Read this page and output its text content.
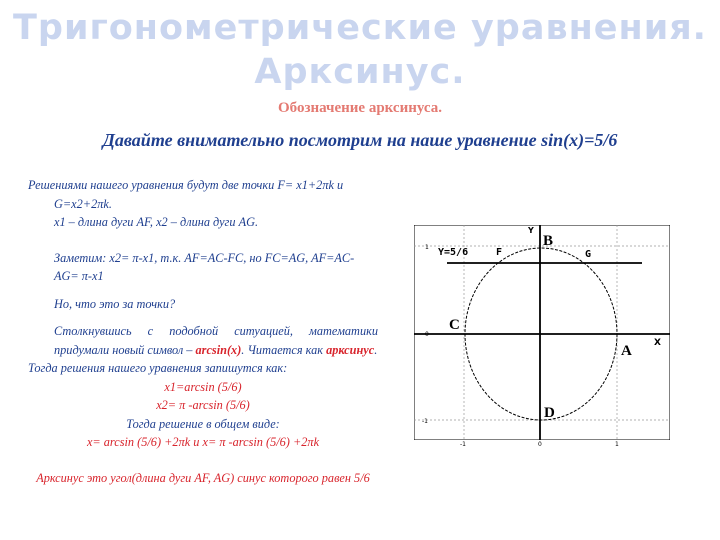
Тригонометрические уравнения.
Арксинус.
Обозначение арксинуса.
Давайте внимательно посмотрим на наше уравнение sin(x)=5/6

Решениями нашего уравнения будут две точки F= x1+2πk и G=x2+2πk.

x1 – длина дуги AF, x2 – длина дуги AG.

Заметим: x2= π-x1, т.к. AF=AC-FC, но FC=AG, AF=AC-AG= π-x1

Но, что это за точки?

Столкнувшись с подобной ситуацией, математики придумали новый символ – arcsin(x). Читается как арксинус.

Тогда решения нашего уравнения запишутся как:

x1=arcsin (5/6)

x2= π -arcsin (5/6)

Тогда решение в общем виде:

x= arcsin (5/6) +2πk и x= π -arcsin (5/6) +2πk

Арксинус это угол(длина дуги AF, AG) синус которого равен 5/6

Y=5/6	F	G
Y
X
B
C
A
D
1
0
-1
-1	0	1
